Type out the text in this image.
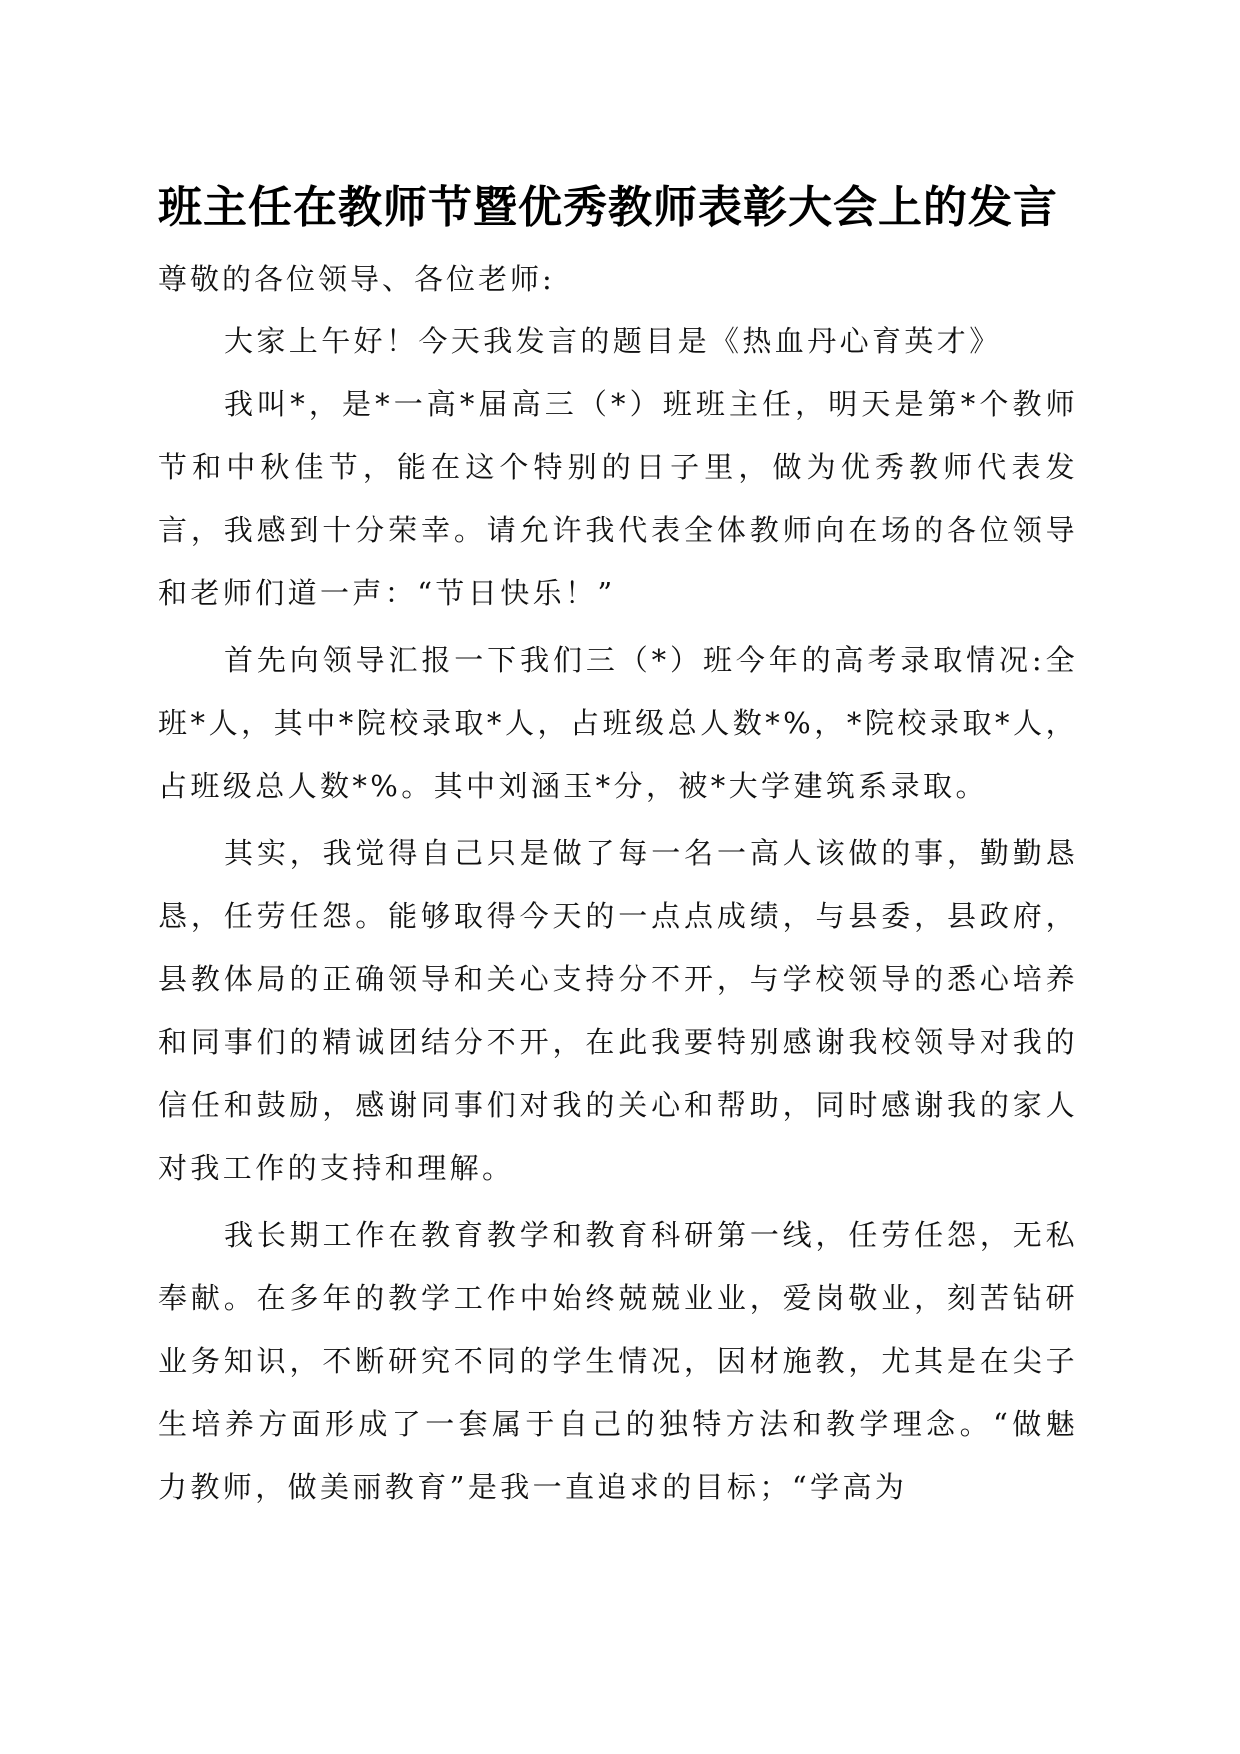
班主任在教师节暨优秀教师表彰大会上的发言

尊敬的各位领导、各位老师:

大家上午好！今天我发言的题目是《热血丹心育英才》

我叫*，是*一高*届高三（*）班班主任，明天是第*个教师节和中秋佳节，能在这个特别的日子里，做为优秀教师代表发言，我感到十分荣幸。请允许我代表全体教师向在场的各位领导和老师们道一声：“节日快乐！”

首先向领导汇报一下我们三（*）班今年的高考录取情况:全班*人，其中*院校录取*人，占班级总人数*%，*院校录取*人，占班级总人数*%。其中刘涵玉*分，被*大学建筑系录取。

其实，我觉得自己只是做了每一名一高人该做的事，勤勤恳恳，任劳任怨。能够取得今天的一点点成绩，与县委，县政府，县教体局的正确领导和关心支持分不开，与学校领导的悉心培养和同事们的精诚团结分不开，在此我要特别感谢我校领导对我的信任和鼓励，感谢同事们对我的关心和帮助，同时感谢我的家人对我工作的支持和理解。

我长期工作在教育教学和教育科研第一线，任劳任怨，无私奉献。在多年的教学工作中始终兢兢业业，爱岗敬业，刻苦钻研业务知识，不断研究不同的学生情况，因材施教，尤其是在尖子生培养方面形成了一套属于自己的独特方法和教学理念。“做魅力教师，做美丽教育”是我一直追求的目标；“学高为
